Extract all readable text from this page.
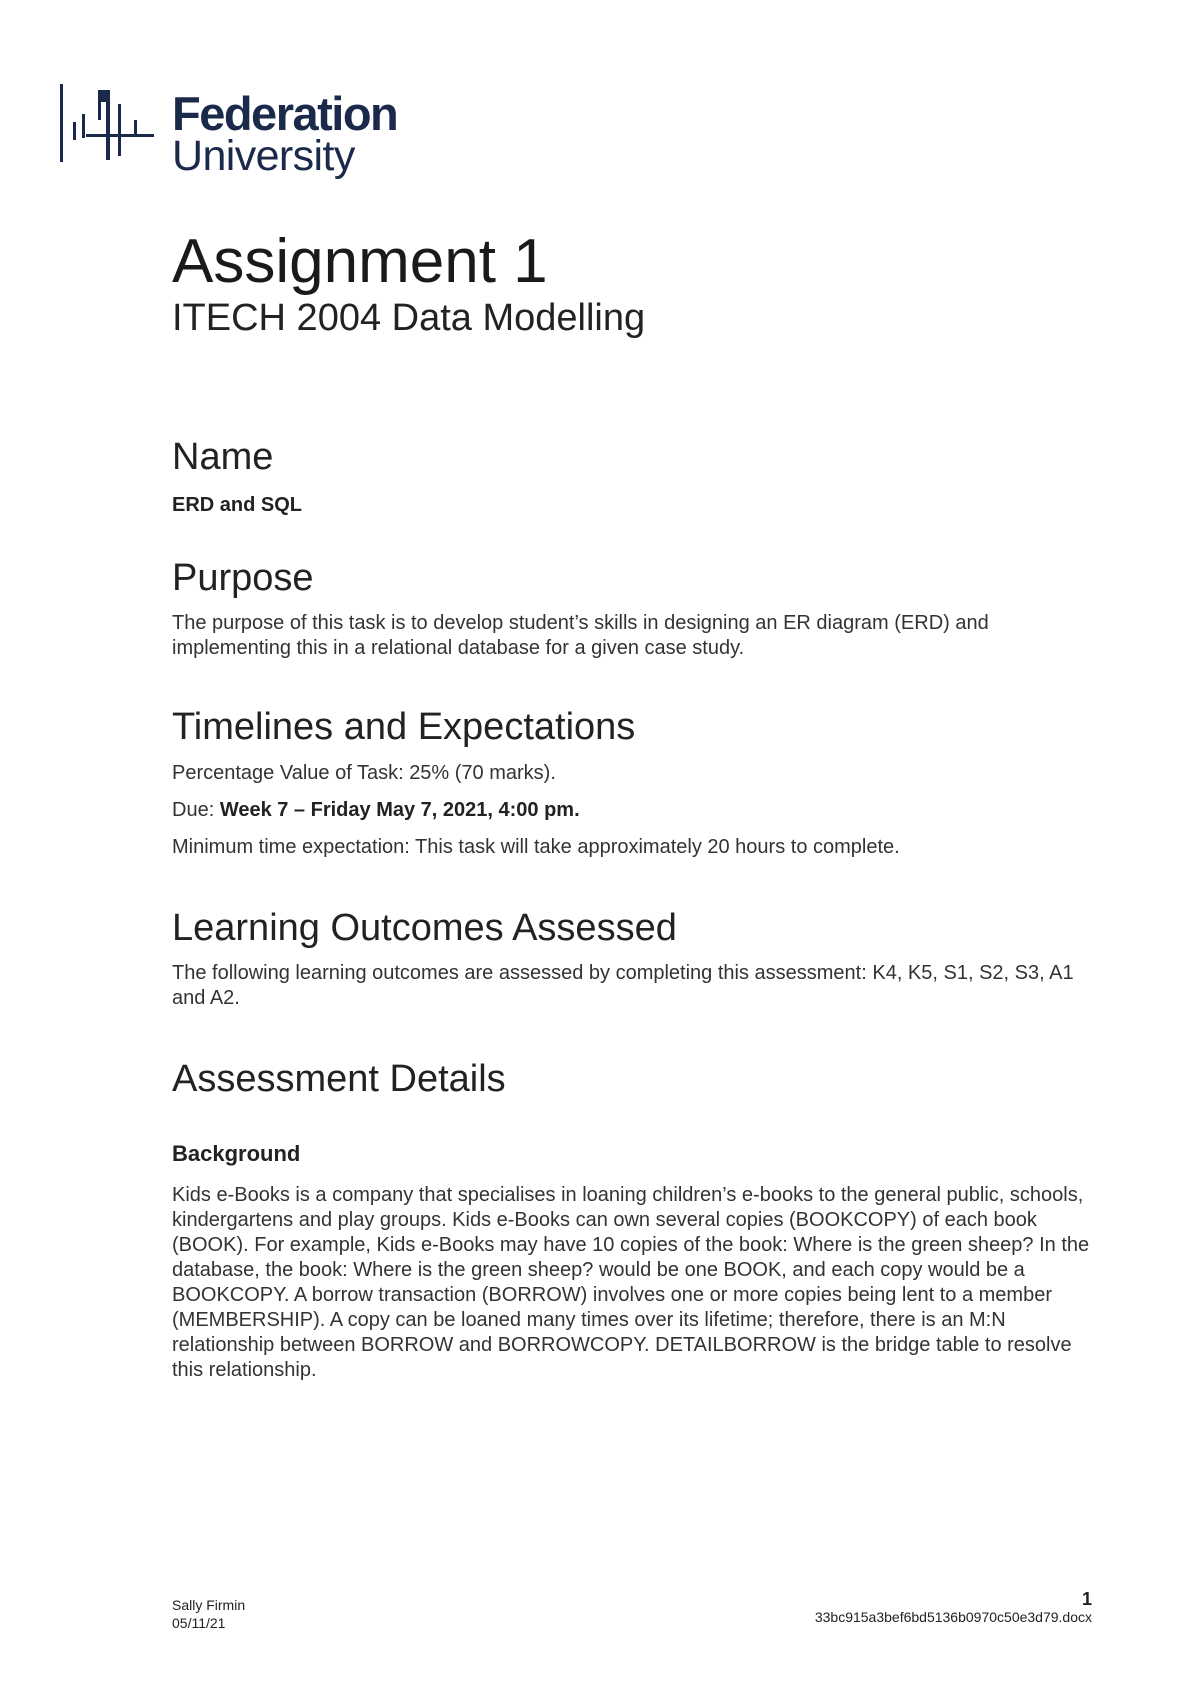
Federation
University
Assignment 1
ITECH 2004 Data Modelling
Name

ERD and SQL

Purpose

The purpose of this task is to develop student’s skills in designing an ER diagram (ERD) and implementing this in a relational database for a given case study.

Timelines and Expectations

Percentage Value of Task: 25% (70 marks).

Due: Week 7 – Friday May 7, 2021, 4:00 pm.

Minimum time expectation: This task will take approximately 20 hours to complete.

Learning Outcomes Assessed

The following learning outcomes are assessed by completing this assessment: K4, K5, S1, S2, S3, A1 and A2.

Assessment Details
Background

Kids e-Books is a company that specialises in loaning children’s e-books to the general public, schools, kindergartens and play groups. Kids e-Books can own several copies (BOOKCOPY) of each book (BOOK). For example, Kids e-Books may have 10 copies of the book: Where is the green sheep? In the database, the book: Where is the green sheep? would be one BOOK, and each copy would be a BOOKCOPY. A borrow transaction (BORROW) involves one or more copies being lent to a member (MEMBERSHIP). A copy can be loaned many times over its lifetime; therefore, there is an M:N relationship between BORROW and BORROWCOPY. DETAILBORROW is the bridge table to resolve this relationship.

Sally Firmin
05/11/21
1
33bc915a3bef6bd5136b0970c50e3d79.docx
